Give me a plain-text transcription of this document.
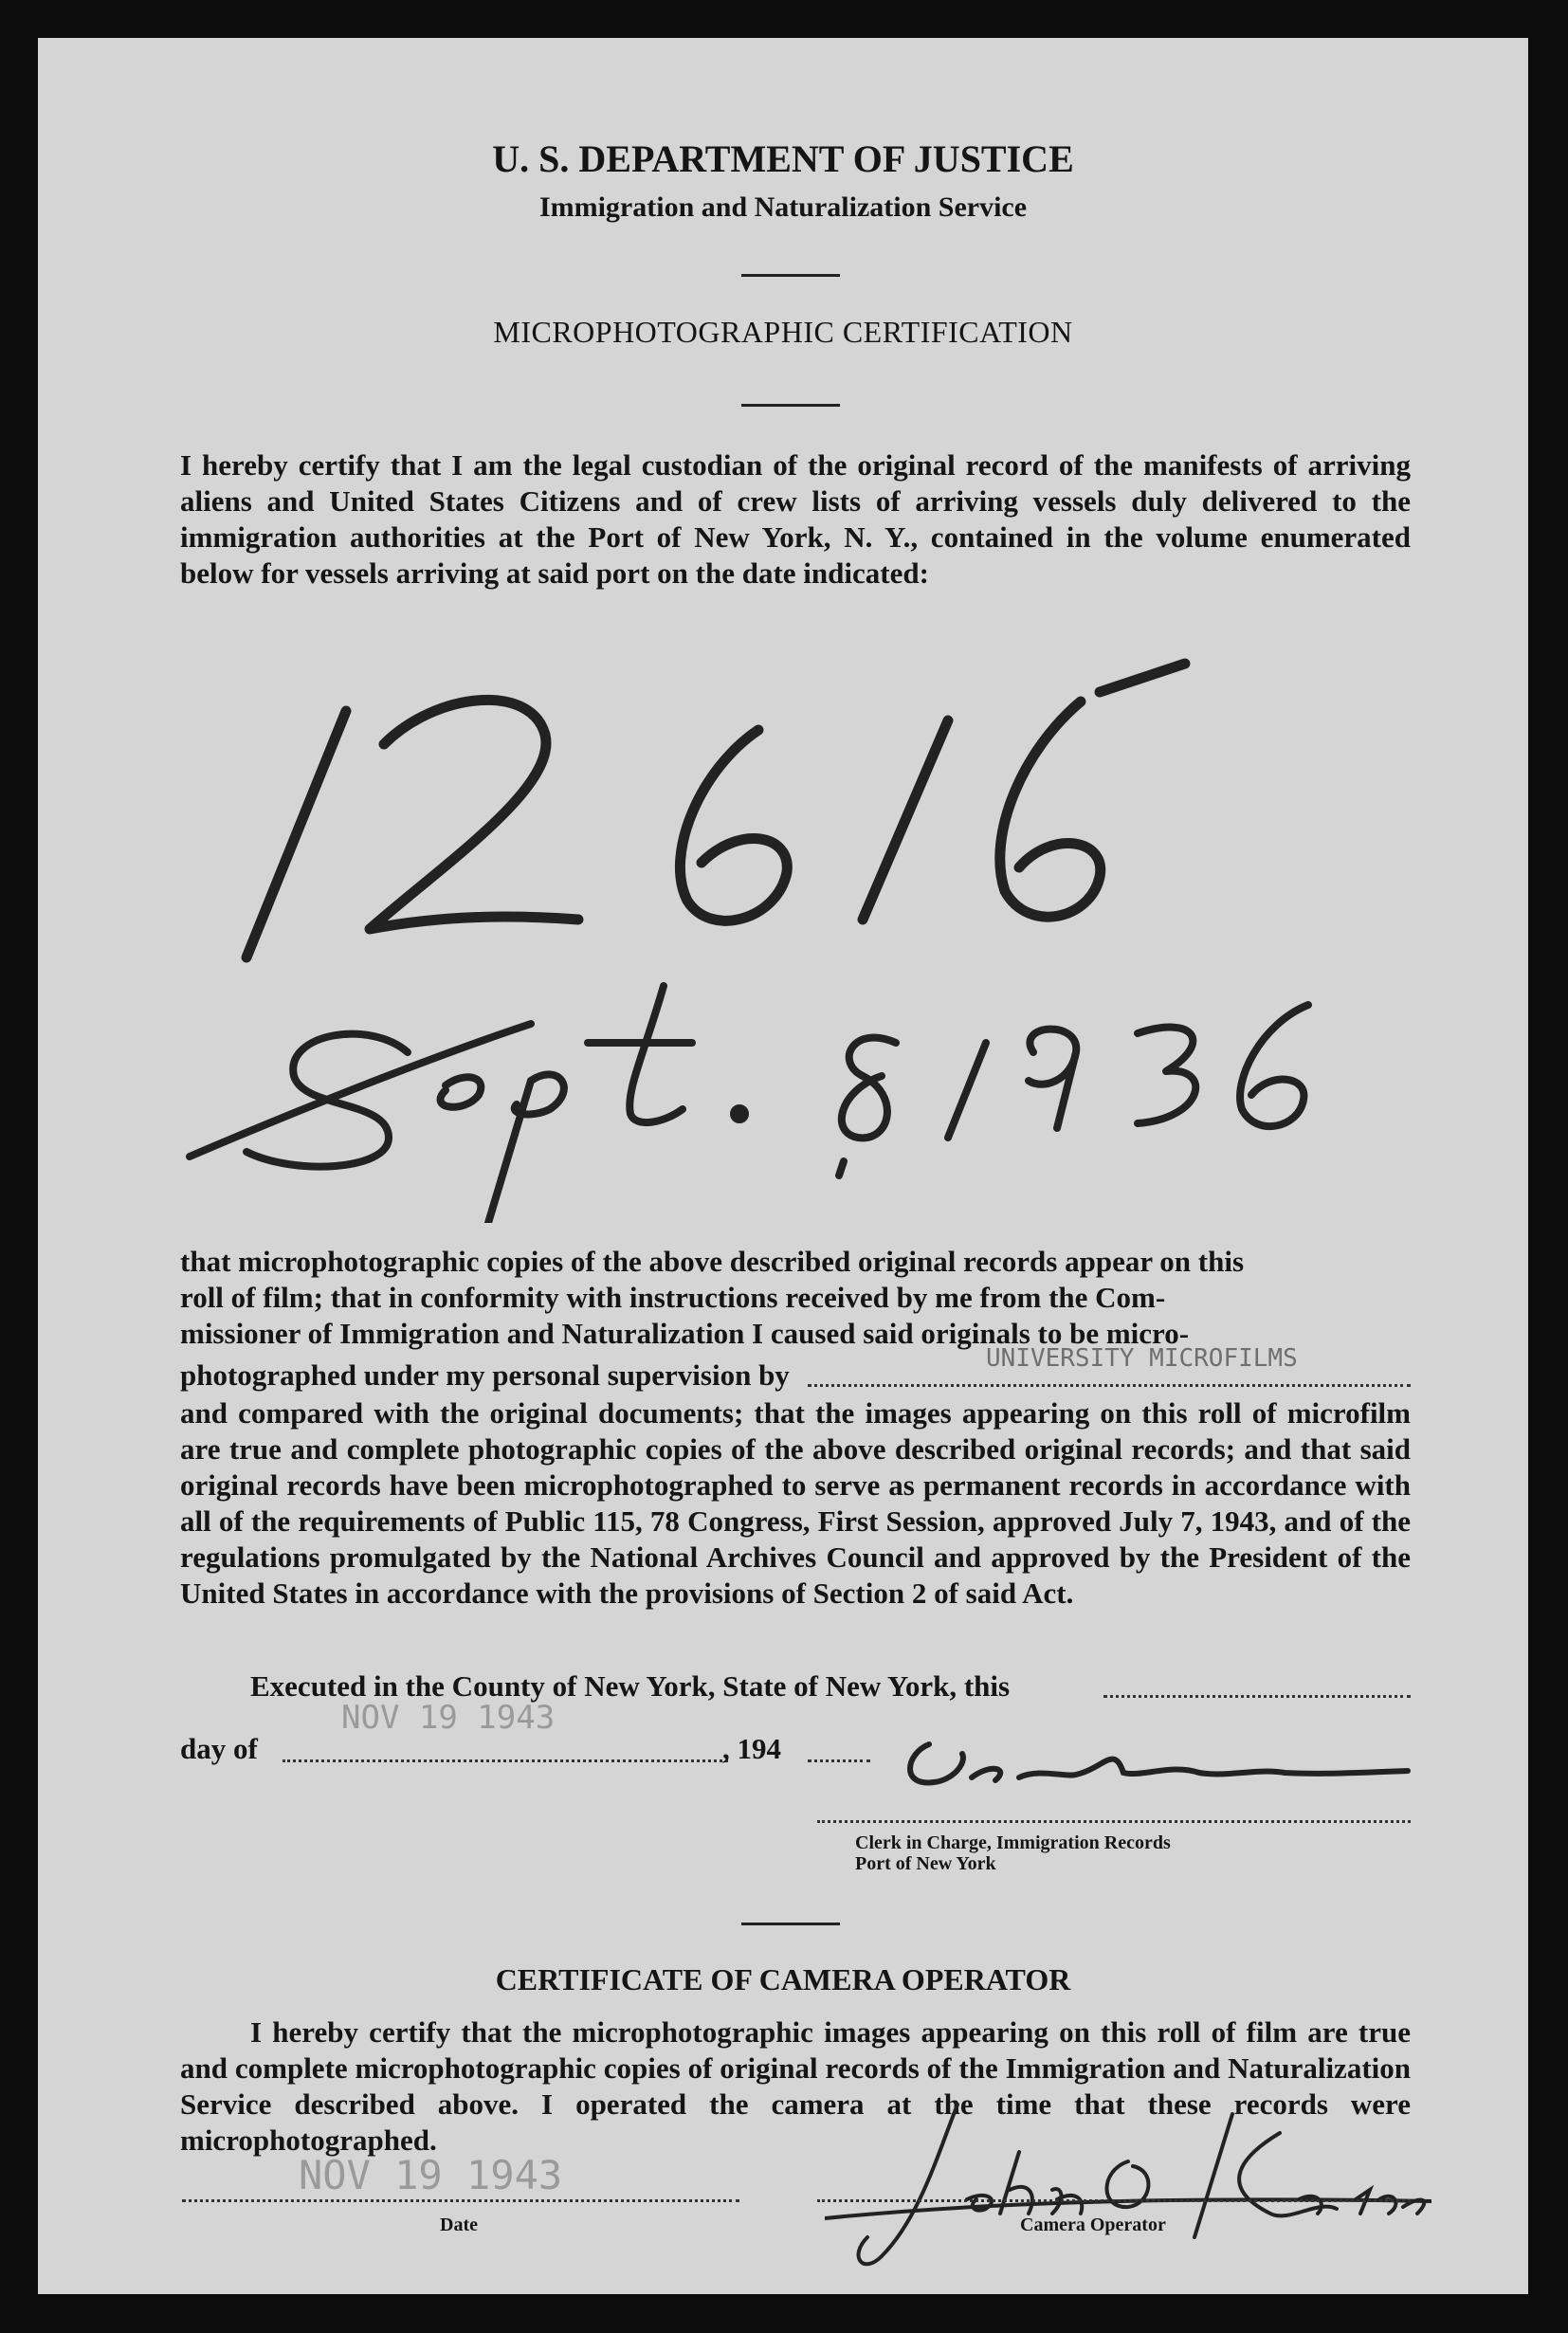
U. S. DEPARTMENT OF JUSTICE
Immigration and Naturalization Service
MICROPHOTOGRAPHIC CERTIFICATION

I hereby certify that I am the legal custodian of the original record of the manifests of arriving aliens and United States Citizens and of crew lists of arriving vessels duly delivered to the immigration authorities at the Port of New York, N. Y., contained in the volume enumerated below for vessels arriving at said port on the date indicated:

that microphotographic copies of the above described original records appear on this

roll of film; that in conformity with instructions received by me from the Com-

missioner of Immigration and Naturalization I caused said originals to be micro-

photographed under my personal supervision by	UNIVERSITY MICROFILMS

and compared with the original documents; that the images appearing on this roll of microfilm are true and complete photographic copies of the above described original records; and that said original records have been microphotographed to serve as permanent records in accordance with all of the requirements of Public 115, 78 Congress, First Session, approved July 7, 1943, and of the regulations promulgated by the National Archives Council and approved by the President of the United States in accordance with the provisions of Section 2 of said Act.

Executed in the County of New York, State of New York, this

day of

NOV 19 1943

, 194

Clerk in Charge, Immigration Records
Port of New York
CERTIFICATE OF CAMERA OPERATOR

I hereby certify that the microphotographic images appearing on this roll of film are true and complete microphotographic copies of original records of the Immigration and Naturalization Service described above. I operated the camera at the time that these records were microphotographed.

NOV 19 1943
Date	Camera Operator
